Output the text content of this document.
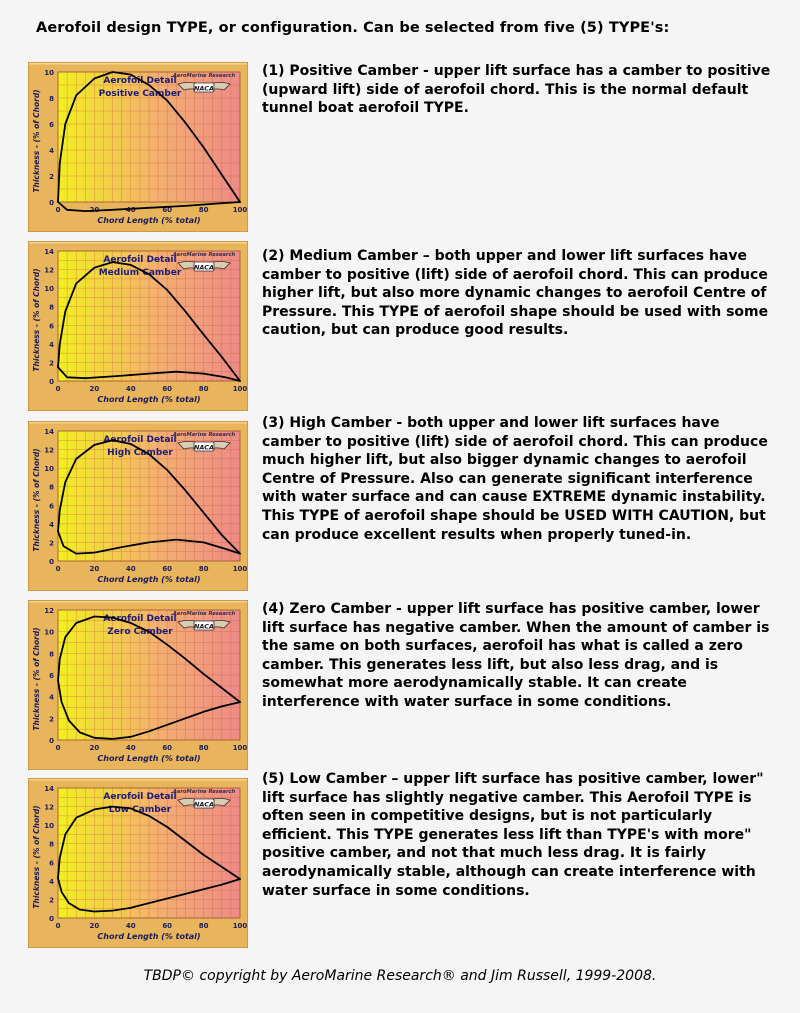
Aerofoil design TYPE, or configuration. Can be selected from five (5) TYPE's:
0
2
4
6
8
10
0	20	40	60	80	100
Chord Length (% total)
Thickness - (% of Chord)
Aerofoil Detail
Positive Camber
AeroMarine Research
NACA
(1) Positive Camber - upper lift surface has a camber to positive (upward lift) side of aerofoil chord. This is the normal default tunnel boat aerofoil TYPE.
0
2
4
6
8
10
12
14
0	20	40	60	80	100
Chord Length (% total)
Thickness - (% of Chord)
Aerofoil Detail
Medium Camber
AeroMarine Research
NACA
(2) Medium Camber – both upper and lower lift surfaces have camber to positive (lift) side of aerofoil chord. This can produce higher lift, but also more dynamic changes to aerofoil Centre of Pressure. This TYPE of aerofoil shape should be used with some caution, but can produce good results.
0
2
4
6
8
10
12
14
0	20	40	60	80	100
Chord Length (% total)
Thickness - (% of Chord)
Aerofoil Detail
High Camber
AeroMarine Research
NACA
(3) High Camber - both upper and lower lift surfaces have camber to positive (lift) side of aerofoil chord. This can produce much higher lift, but also bigger dynamic changes to aerofoil Centre of Pressure. Also can generate significant interference with water surface and can cause EXTREME dynamic instability. This TYPE of aerofoil shape should be USED WITH CAUTION, but can produce excellent results when properly tuned-in.
0
2
4
6
8
10
12
0	20	40	60	80	100
Chord Length (% total)
Thickness - (% of Chord)
Aerofoil Detail
Zero Camber
AeroMarine Research
NACA
(4) Zero Camber - upper lift surface has positive camber, lower lift surface has negative camber. When the amount of camber is the same on both surfaces, aerofoil has what is called a zero camber. This generates less lift, but also less drag, and is somewhat more aerodynamically stable. It can create interference with water surface in some conditions.
0
2
4
6
8
10
12
14
0	20	40	60	80	100
Chord Length (% total)
Thickness - (% of Chord)
Aerofoil Detail
Low Camber
AeroMarine Research
NACA
(5) Low Camber – upper lift surface has positive camber, lower" lift surface has slightly negative camber. This Aerofoil TYPE is often seen in competitive designs, but is not particularly efficient. This TYPE generates less lift than TYPE's with more" positive camber, and not that much less drag. It is fairly aerodynamically stable, although can create interference with water surface in some conditions.
TBDP© copyright by AeroMarine Research® and Jim Russell, 1999-2008.
